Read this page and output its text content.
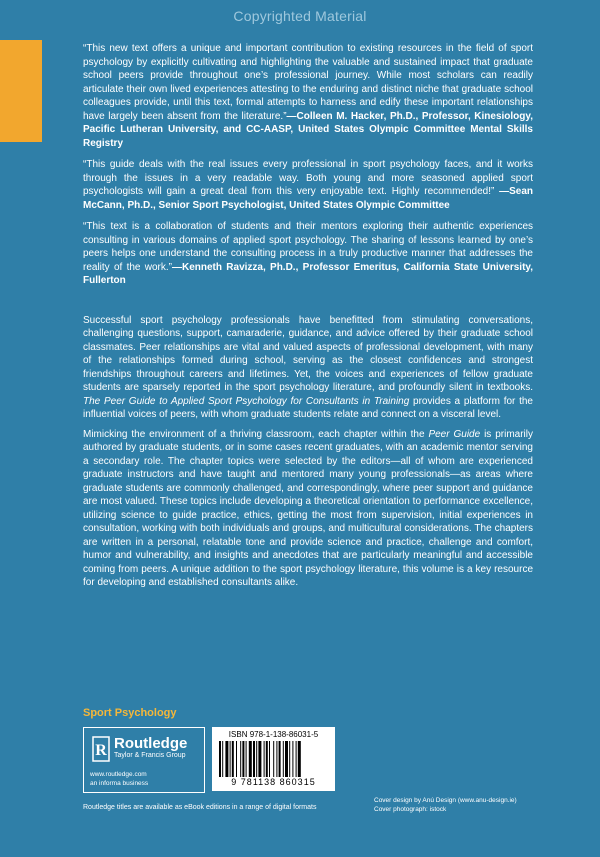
Copyrighted Material

“This new text offers a unique and important contribution to existing resources in the field of sport psychology by explicitly cultivating and highlighting the valuable and sustained impact that graduate school peers provide throughout one’s professional journey. While most scholars can readily articulate their own lived experiences attesting to the enduring and distinct niche that graduate school colleagues provide, until this text, formal attempts to harness and edify these important relationships have largely been absent from the literature.”—Colleen M. Hacker, Ph.D., Professor, Kinesiology, Pacific Lutheran University, and CC-AASP, United States Olympic Committee Mental Skills Registry

“This guide deals with the real issues every professional in sport psychology faces, and it works through the issues in a very readable way. Both young and more seasoned applied sport psychologists will gain a great deal from this very enjoyable text. Highly recommended!” —Sean McCann, Ph.D., Senior Sport Psychologist, United States Olympic Committee

“This text is a collaboration of students and their mentors exploring their authentic experiences consulting in various domains of applied sport psychology. The sharing of lessons learned by one’s peers helps one understand the consulting process in a truly productive manner that addresses the reality of the work.”—Kenneth Ravizza, Ph.D., Professor Emeritus, California State University, Fullerton

Successful sport psychology professionals have benefitted from stimulating conversations, challenging questions, support, camaraderie, guidance, and advice offered by their graduate school classmates. Peer relationships are vital and valued aspects of professional development, with many of the relationships formed during school, serving as the closest confidences and strongest friendships throughout careers and lifetimes. Yet, the voices and experiences of fellow graduate students are sparsely reported in the sport psychology literature, and profoundly silent in textbooks. The Peer Guide to Applied Sport Psychology for Consultants in Training provides a platform for the influential voices of peers, with whom graduate students relate and connect on a visceral level.

Mimicking the environment of a thriving classroom, each chapter within the Peer Guide is primarily authored by graduate students, or in some cases recent graduates, with an academic mentor serving a secondary role. The chapter topics were selected by the editors—all of whom are experienced graduate instructors and have taught and mentored many young professionals—as areas where graduate students are commonly challenged, and correspondingly, where peer support and guidance are most valued. These topics include developing a theoretical orientation to performance excellence, utilizing science to guide practice, ethics, getting the most from supervision, initial experiences in consultation, working with both individuals and groups, and multicultural considerations. The chapters are written in a personal, relatable tone and provide science and practice, challenge and comfort, humor and vulnerability, and insights and anecdotes that are particularly meaningful and accessible coming from peers. A unique addition to the sport psychology literature, this volume is a key resource for developing and established consultants alike.

Sport Psychology
R Routledge
Taylor & Francis Group
www.routledge.com
an informa business
ISBN 978-1-138-86031-5
9 781138 860315
Routledge titles are available as eBook editions in a range of digital formats
Cover design by Anú Design (www.anu-design.ie)
Cover photograph: istock
